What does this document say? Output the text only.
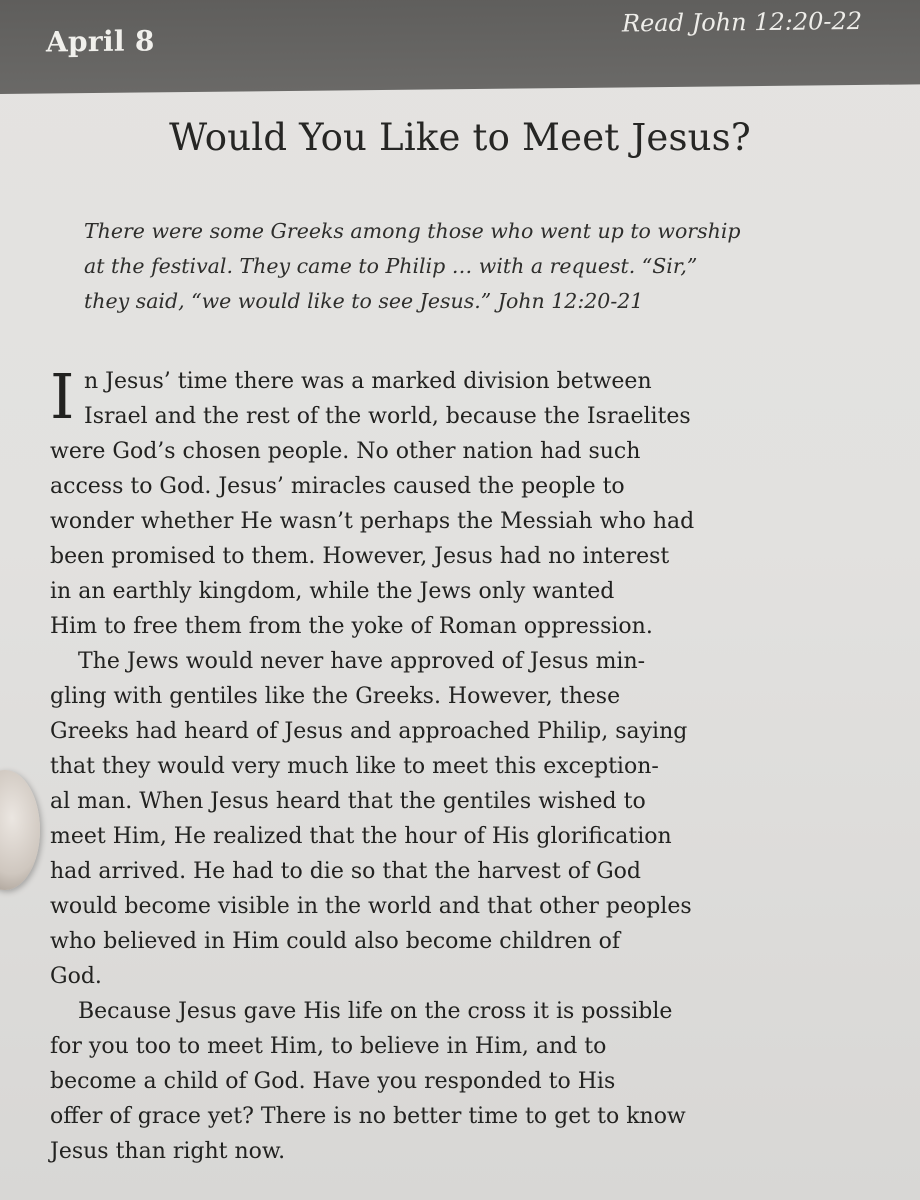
April 8
Read John 12:20-22
Would You Like to Meet Jesus?
There were some Greeks among those who went up to worship
at the festival. They came to Philip … with a request. “Sir,”
they said, “we would like to see Jesus.” John 12:20-21
I n Jesus’ time there was a marked division between
Israel and the rest of the world, because the Israelites
were God’s chosen people. No other nation had such
access to God. Jesus’ miracles caused the people to
wonder whether He wasn’t perhaps the Messiah who had
been promised to them. However, Jesus had no interest
in an earthly kingdom, while the Jews only wanted
Him to free them from the yoke of Roman oppression.
The Jews would never have approved of Jesus min-
gling with gentiles like the Greeks. However, these
Greeks had heard of Jesus and approached Philip, saying
that they would very much like to meet this exception-
al man. When Jesus heard that the gentiles wished to
meet Him, He realized that the hour of His glorification
had arrived. He had to die so that the harvest of God
would become visible in the world and that other peoples
who believed in Him could also become children of
God.
Because Jesus gave His life on the cross it is possible
for you too to meet Him, to believe in Him, and to
become a child of God. Have you responded to His
offer of grace yet? There is no better time to get to know
Jesus than right now.
